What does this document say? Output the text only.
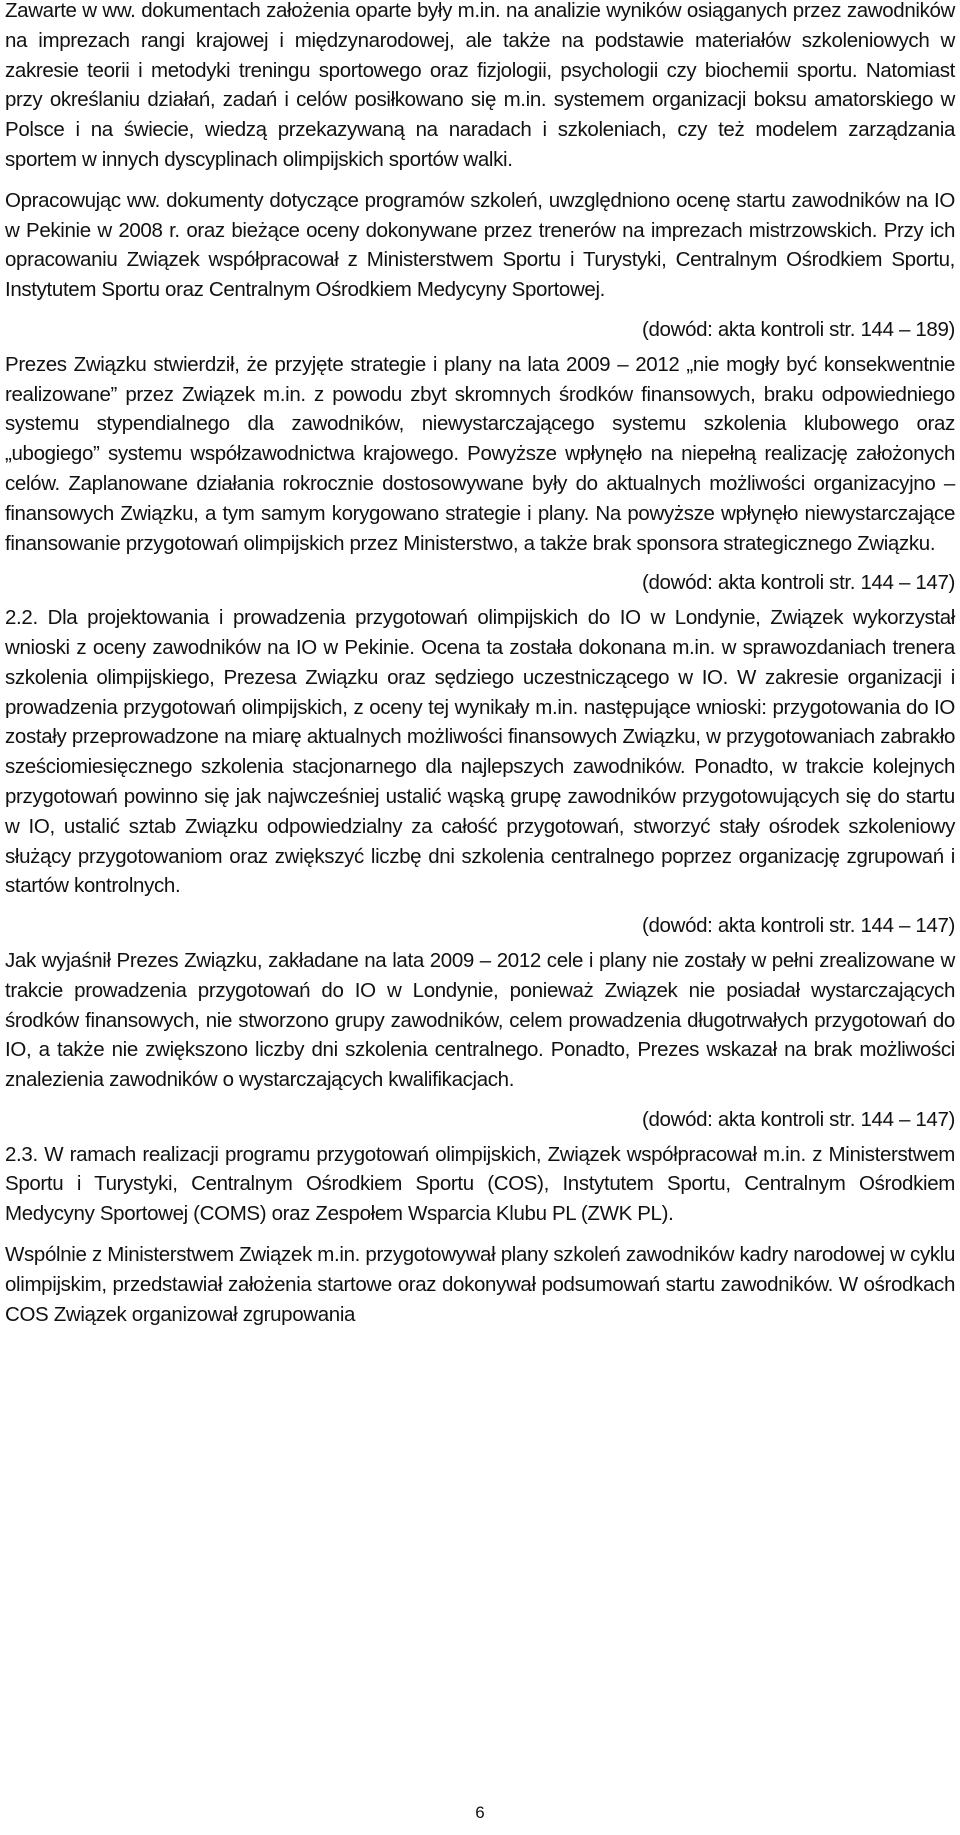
Zawarte w ww. dokumentach założenia oparte były m.in. na analizie wyników osiąganych przez zawodników na imprezach rangi krajowej i międzynarodowej, ale także na podstawie materiałów szkoleniowych w zakresie teorii i metodyki treningu sportowego oraz fizjologii, psychologii czy biochemii sportu. Natomiast przy określaniu działań, zadań i celów posiłkowano się m.in. systemem organizacji boksu amatorskiego w Polsce i na świecie, wiedzą przekazywaną na naradach i szkoleniach, czy też modelem zarządzania sportem w innych dyscyplinach olimpijskich sportów walki.

Opracowując ww. dokumenty dotyczące programów szkoleń, uwzględniono ocenę startu zawodników na IO w Pekinie w 2008 r. oraz bieżące oceny dokonywane przez trenerów na imprezach mistrzowskich. Przy ich opracowaniu Związek współpracował z Ministerstwem Sportu i Turystyki, Centralnym Ośrodkiem Sportu, Instytutem Sportu oraz Centralnym Ośrodkiem Medycyny Sportowej.

(dowód: akta kontroli str. 144 – 189)

Prezes Związku stwierdził, że przyjęte strategie i plany na lata 2009 – 2012 „nie mogły być konsekwentnie realizowane” przez Związek m.in. z powodu zbyt skromnych środków finansowych, braku odpowiedniego systemu stypendialnego dla zawodników, niewystarczającego systemu szkolenia klubowego oraz „ubogiego” systemu współzawodnictwa krajowego. Powyższe wpłynęło na niepełną realizację założonych celów. Zaplanowane działania rokrocznie dostosowywane były do aktualnych możliwości organizacyjno – finansowych Związku, a tym samym korygowano strategie i plany. Na powyższe wpłynęło niewystarczające finansowanie przygotowań olimpijskich przez Ministerstwo, a także brak sponsora strategicznego Związku.

(dowód: akta kontroli str. 144 – 147)

2.2. Dla projektowania i prowadzenia przygotowań olimpijskich do IO w Londynie, Związek wykorzystał wnioski z oceny zawodników na IO w Pekinie. Ocena ta została dokonana m.in. w sprawozdaniach trenera szkolenia olimpijskiego, Prezesa Związku oraz sędziego uczestniczącego w IO. W zakresie organizacji i prowadzenia przygotowań olimpijskich, z oceny tej wynikały m.in. następujące wnioski: przygotowania do IO zostały przeprowadzone na miarę aktualnych możliwości finansowych Związku, w przygotowaniach zabrakło sześciomiesięcznego szkolenia stacjonarnego dla najlepszych zawodników. Ponadto, w trakcie kolejnych przygotowań powinno się jak najwcześniej ustalić wąską grupę zawodników przygotowujących się do startu w IO, ustalić sztab Związku odpowiedzialny za całość przygotowań, stworzyć stały ośrodek szkoleniowy służący przygotowaniom oraz zwiększyć liczbę dni szkolenia centralnego poprzez organizację zgrupowań i startów kontrolnych.

(dowód: akta kontroli str. 144 – 147)

Jak wyjaśnił Prezes Związku, zakładane na lata 2009 – 2012 cele i plany nie zostały w pełni zrealizowane w trakcie prowadzenia przygotowań do IO w Londynie, ponieważ Związek nie posiadał wystarczających środków finansowych, nie stworzono grupy zawodników, celem prowadzenia długotrwałych przygotowań do IO, a także nie zwiększono liczby dni szkolenia centralnego. Ponadto, Prezes wskazał na brak możliwości znalezienia zawodników o wystarczających kwalifikacjach.

(dowód: akta kontroli str. 144 – 147)

2.3. W ramach realizacji programu przygotowań olimpijskich, Związek współpracował m.in. z Ministerstwem Sportu i Turystyki, Centralnym Ośrodkiem Sportu (COS), Instytutem Sportu, Centralnym Ośrodkiem Medycyny Sportowej (COMS) oraz Zespołem Wsparcia Klubu PL (ZWK PL).

Wspólnie z Ministerstwem Związek m.in. przygotowywał plany szkoleń zawodników kadry narodowej w cyklu olimpijskim, przedstawiał założenia startowe oraz dokonywał podsumowań startu zawodników. W ośrodkach COS Związek organizował zgrupowania

6
